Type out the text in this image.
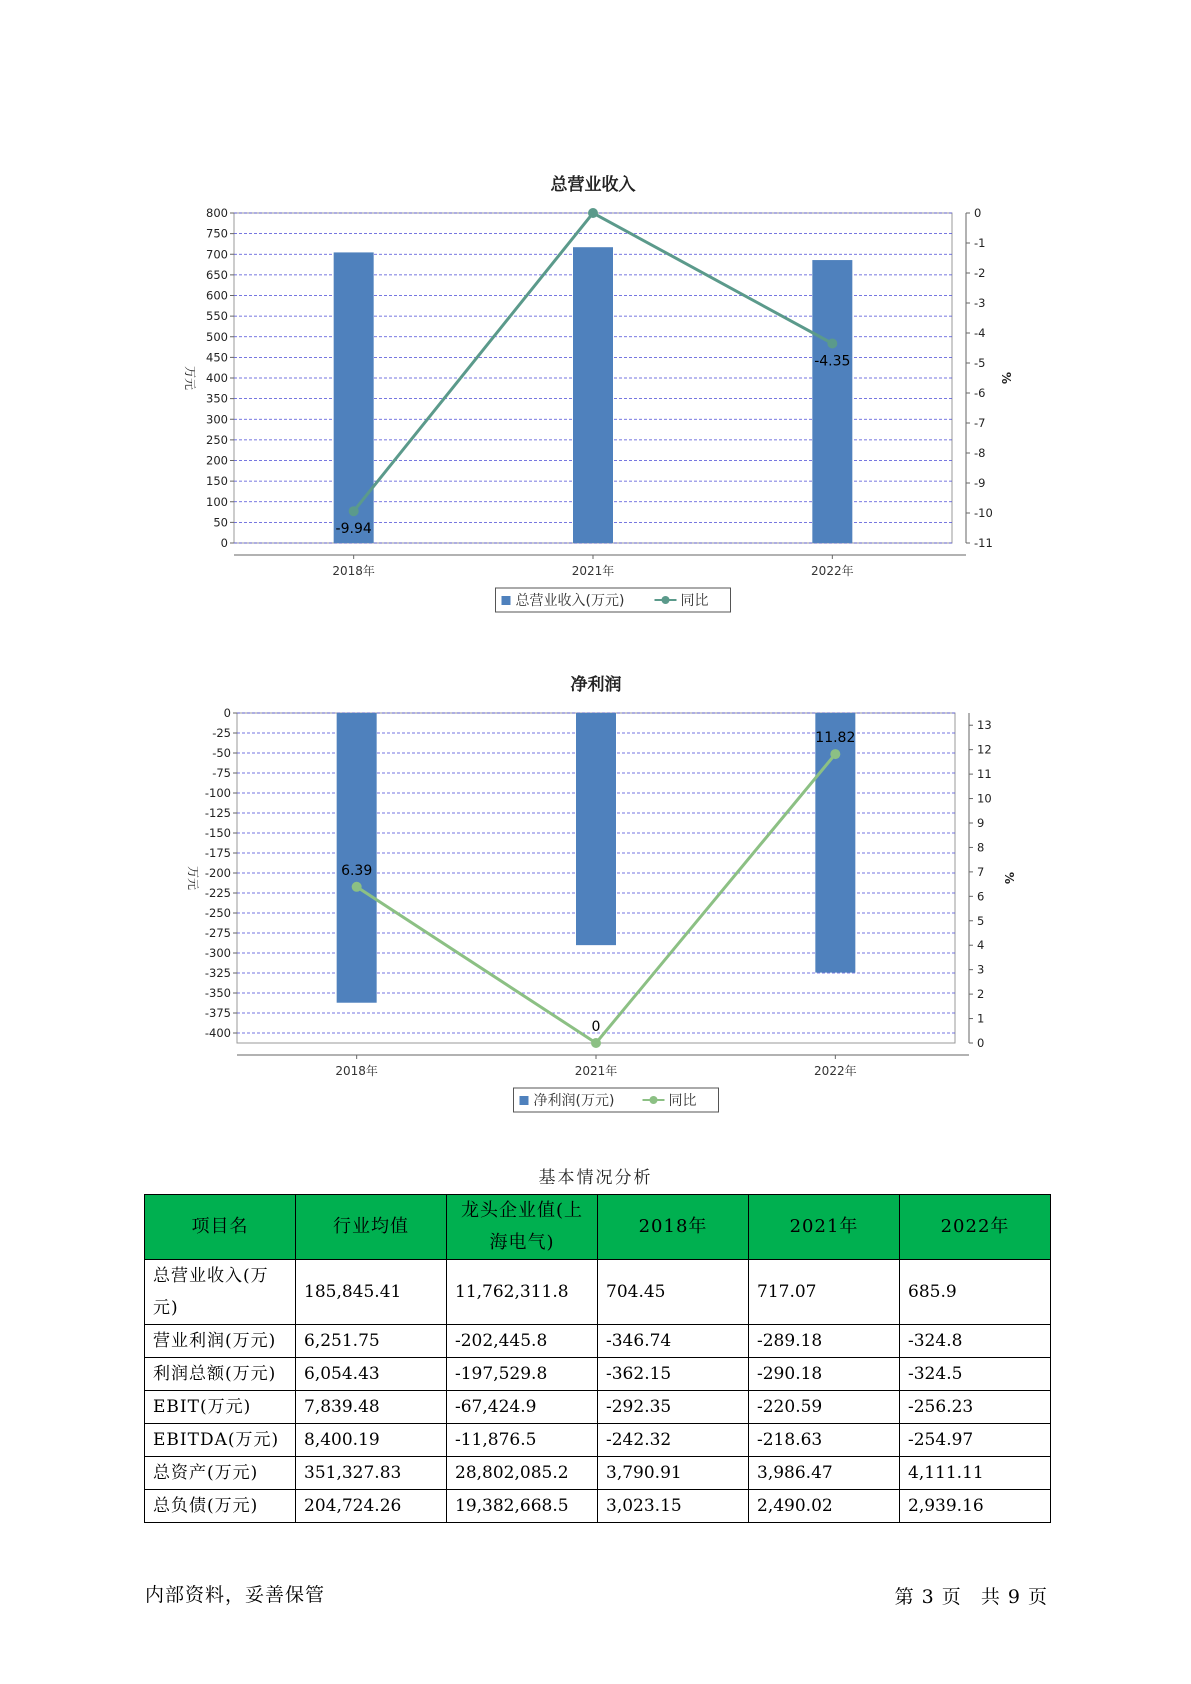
总营业收入
0
50
100
150
200
250
300
350
400
450
500
550
600
650
700
750
800	0
-1
-2
-3
-4
-5
-6
-7
-8
-9
-10
-11
万元	%
2018年	2021年	2022年
-9.94
-4.35
总营业收入(万元)	同比
净利润
0
-25
-50
-75
-100
-125
-150
-175
-200
-225
-250
-275
-300
-325
-350
-375
-400
0
1
2
3
4
5
6
7
8
9
10
11
12
13
万元	%
2018年	2021年	2022年
6.39
0
11.82
净利润(万元)	同比
基本情况分析
项目名	行业均值	龙头企业值(上海电气)	2018年	2021年	2022年
总营业收入(万元)	185,845.41	11,762,311.8	704.45	717.07	685.9
营业利润(万元)	6,251.75	-202,445.8	-346.74	-289.18	-324.8
利润总额(万元)	6,054.43	-197,529.8	-362.15	-290.18	-324.5
EBIT(万元)	7,839.48	-67,424.9	-292.35	-220.59	-256.23
EBITDA(万元)	8,400.19	-11,876.5	-242.32	-218.63	-254.97
总资产(万元)	351,327.83	28,802,085.2	3,790.91	3,986.47	4,111.11
总负债(万元)	204,724.26	19,382,668.5	3,023.15	2,490.02	2,939.16
内部资料，妥善保管	第 3 页 共 9 页
